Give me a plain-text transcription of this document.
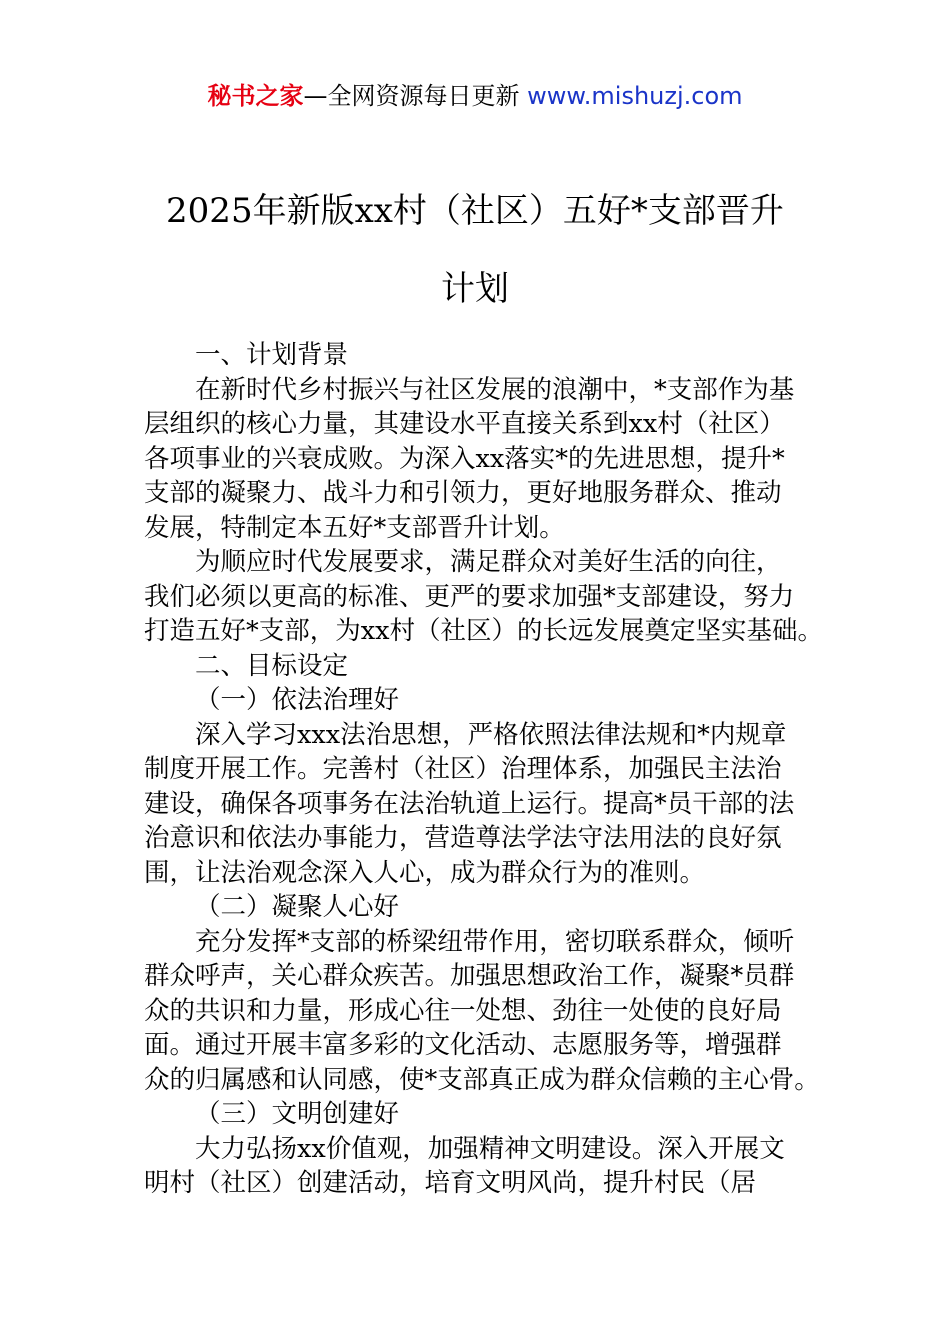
秘书之家—全网资源每日更新 www.mishuzj.com
2025年新版xx村（社区）五好*支部晋升
计划
一、计划背景
在新时代乡村振兴与社区发展的浪潮中，*支部作为基
层组织的核心力量，其建设水平直接关系到xx村（社区）
各项事业的兴衰成败。为深入xx落实*的先进思想，提升*
支部的凝聚力、战斗力和引领力，更好地服务群众、推动
发展，特制定本五好*支部晋升计划。
为顺应时代发展要求，满足群众对美好生活的向往，
我们必须以更高的标准、更严的要求加强*支部建设，努力
打造五好*支部，为xx村（社区）的长远发展奠定坚实基础。
二、目标设定
（一）依法治理好
深入学习xxx法治思想，严格依照法律法规和*内规章
制度开展工作。完善村（社区）治理体系，加强民主法治
建设，确保各项事务在法治轨道上运行。提高*员干部的法
治意识和依法办事能力，营造尊法学法守法用法的良好氛
围，让法治观念深入人心，成为群众行为的准则。
（二）凝聚人心好
充分发挥*支部的桥梁纽带作用，密切联系群众，倾听
群众呼声，关心群众疾苦。加强思想政治工作，凝聚*员群
众的共识和力量，形成心往一处想、劲往一处使的良好局
面。通过开展丰富多彩的文化活动、志愿服务等，增强群
众的归属感和认同感，使*支部真正成为群众信赖的主心骨。
（三）文明创建好
大力弘扬xx价值观，加强精神文明建设。深入开展文
明村（社区）创建活动，培育文明风尚，提升村民（居
